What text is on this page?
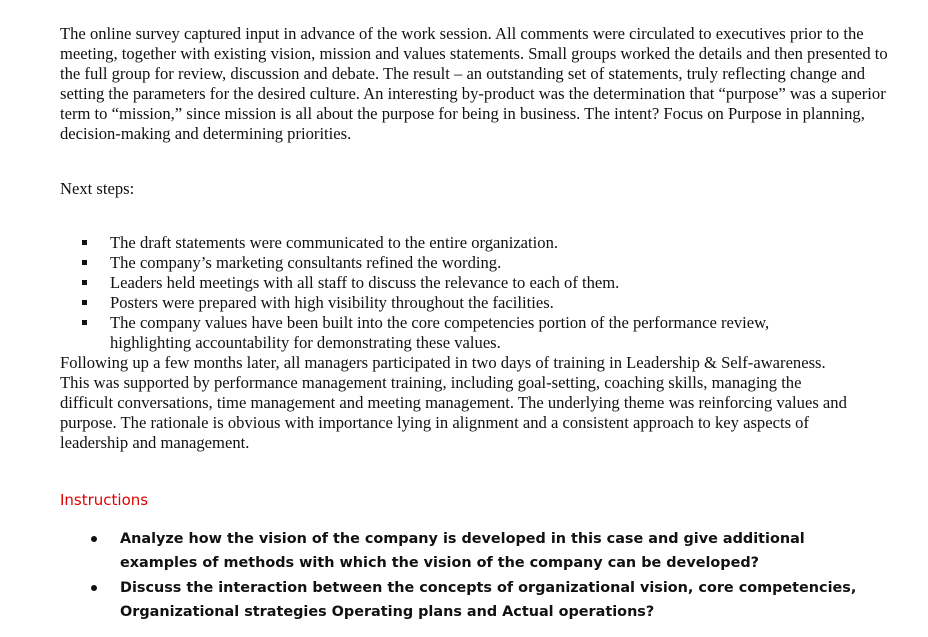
The online survey captured input in advance of the work session. All comments were circulated to executives prior to the meeting, together with existing vision, mission and values statements. Small groups worked the details and then presented to the full group for review, discussion and debate. The result – an outstanding set of statements, truly reflecting change and setting the parameters for the desired culture. An interesting by-product was the determination that “purpose” was a superior term to “mission,” since mission is all about the purpose for being in business. The intent? Focus on Purpose in planning, decision-making and determining priorities.

Next steps:

The draft statements were communicated to the entire organization.
The company’s marketing consultants refined the wording.
Leaders held meetings with all staff to discuss the relevance to each of them.
Posters were prepared with high visibility throughout the facilities.
The company values have been built into the core competencies portion of the performance review, highlighting accountability for demonstrating these values.

Following up a few months later, all managers participated in two days of training in Leadership & Self-awareness. This was supported by performance management training, including goal-setting, coaching skills, managing the difficult conversations, time management and meeting management. The underlying theme was reinforcing values and purpose. The rationale is obvious with importance lying in alignment and a consistent approach to key aspects of leadership and management.

Instructions

Analyze how the vision of the company is developed in this case and give additional examples of methods with which the vision of the company can be developed?
Discuss the interaction between the concepts of organizational vision, core competencies, Organizational strategies Operating plans and Actual operations?
